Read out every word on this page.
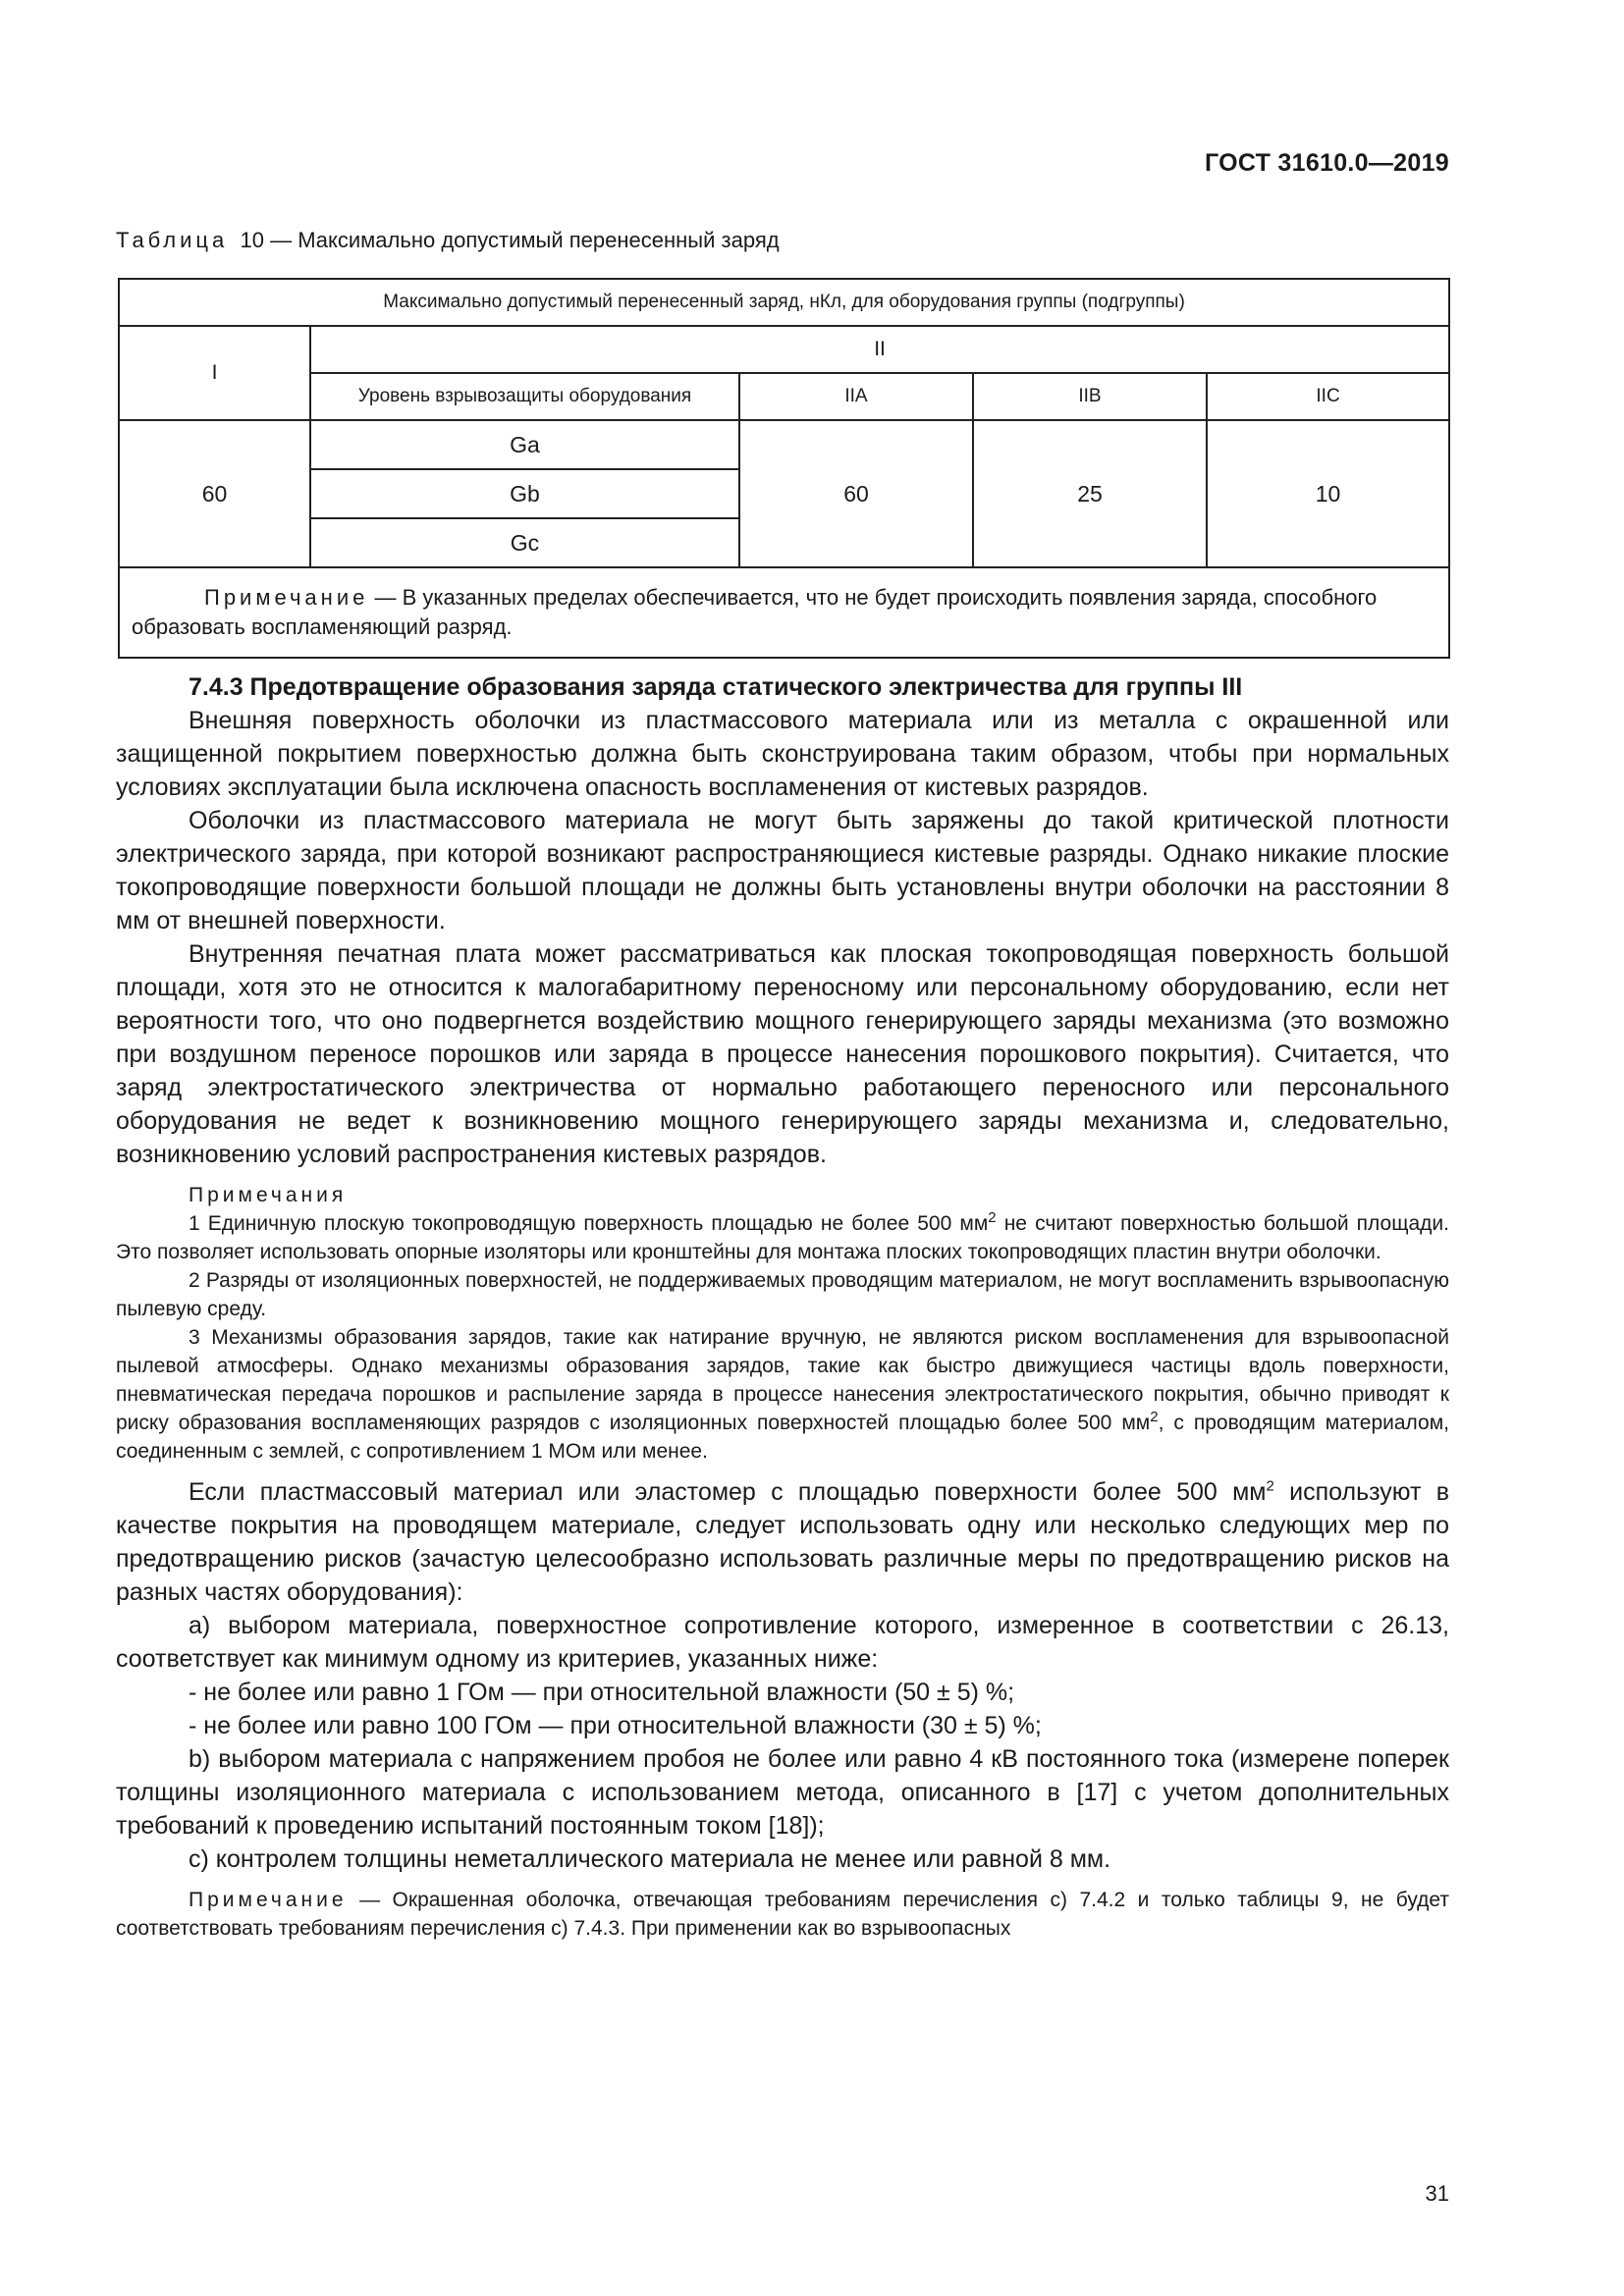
ГОСТ 31610.0—2019
Таблица 10 — Максимально допустимый перенесенный заряд
Максимально допустимый перенесенный заряд, нКл, для оборудования группы (подгруппы)				
I	II			
	Уровень взрывозащиты оборудования	IIA	IIB	IIC
60	Ga	60	25	10
	Gb			
	Gc			

Примечание — В указанных пределах обеспечивается, что не будет происходить появления заряда, способного образовать воспламеняющий разряд.				

7.4.3 Предотвращение образования заряда статического электричества для группы III

Внешняя поверхность оболочки из пластмассового материала или из металла с окрашенной или защищенной покрытием поверхностью должна быть сконструирована таким образом, чтобы при нормальных условиях эксплуатации была исключена опасность воспламенения от кистевых разрядов.

Оболочки из пластмассового материала не могут быть заряжены до такой критической плотности электрического заряда, при которой возникают распространяющиеся кистевые разряды. Однако никакие плоские токопроводящие поверхности большой площади не должны быть установлены внутри оболочки на расстоянии 8 мм от внешней поверхности.

Внутренняя печатная плата может рассматриваться как плоская токопроводящая поверхность большой площади, хотя это не относится к малогабаритному переносному или персональному оборудованию, если нет вероятности того, что оно подвергнется воздействию мощного генерирующего заряды механизма (это возможно при воздушном переносе порошков или заряда в процессе нанесения порошкового покрытия). Считается, что заряд электростатического электричества от нормально работающего переносного или персонального оборудования не ведет к возникновению мощного генерирующего заряды механизма и, следовательно, возникновению условий распространения кистевых разрядов.

Примечания

1 Единичную плоскую токопроводящую поверхность площадью не более 500 $мм^2$ не считают поверхностью большой площади. Это позволяет использовать опорные изоляторы или кронштейны для монтажа плоских токопроводящих пластин внутри оболочки.

2 Разряды от изоляционных поверхностей, не поддерживаемых проводящим материалом, не могут воспламенить взрывоопасную пылевую среду.

3 Механизмы образования зарядов, такие как натирание вручную, не являются риском воспламенения для взрывоопасной пылевой атмосферы. Однако механизмы образования зарядов, такие как быстро движущиеся частицы вдоль поверхности, пневматическая передача порошков и распыление заряда в процессе нанесения электростатического покрытия, обычно приводят к риску образования воспламеняющих разрядов с изоляционных поверхностей площадью более 500 $мм^2$, с проводящим материалом, соединенным с землей, с сопротивлением 1 МОм или менее.

Если пластмассовый материал или эластомер с площадью поверхности более 500 $мм^2$ используют в качестве покрытия на проводящем материале, следует использовать одну или несколько следующих мер по предотвращению рисков (зачастую целесообразно использовать различные меры по предотвращению рисков на разных частях оборудования):

а) выбором материала, поверхностное сопротивление которого, измеренное в соответствии с 26.13, соответствует как минимум одному из критериев, указанных ниже:

- не более или равно 1 ГОм — при относительной влажности (50 ± 5) %;

- не более или равно 100 ГОм — при относительной влажности (30 ± 5) %;

b) выбором материала с напряжением пробоя не более или равно 4 кВ постоянного тока (измерене поперек толщины изоляционного материала с использованием метода, описанного в [17] с учетом дополнительных требований к проведению испытаний постоянным током [18]);

с) контролем толщины неметаллического материала не менее или равной 8 мм.

Примечание — Окрашенная оболочка, отвечающая требованиям перечисления с) 7.4.2 и только таблицы 9, не будет соответствовать требованиям перечисления с) 7.4.3. При применении как во взрывоопасных

31
